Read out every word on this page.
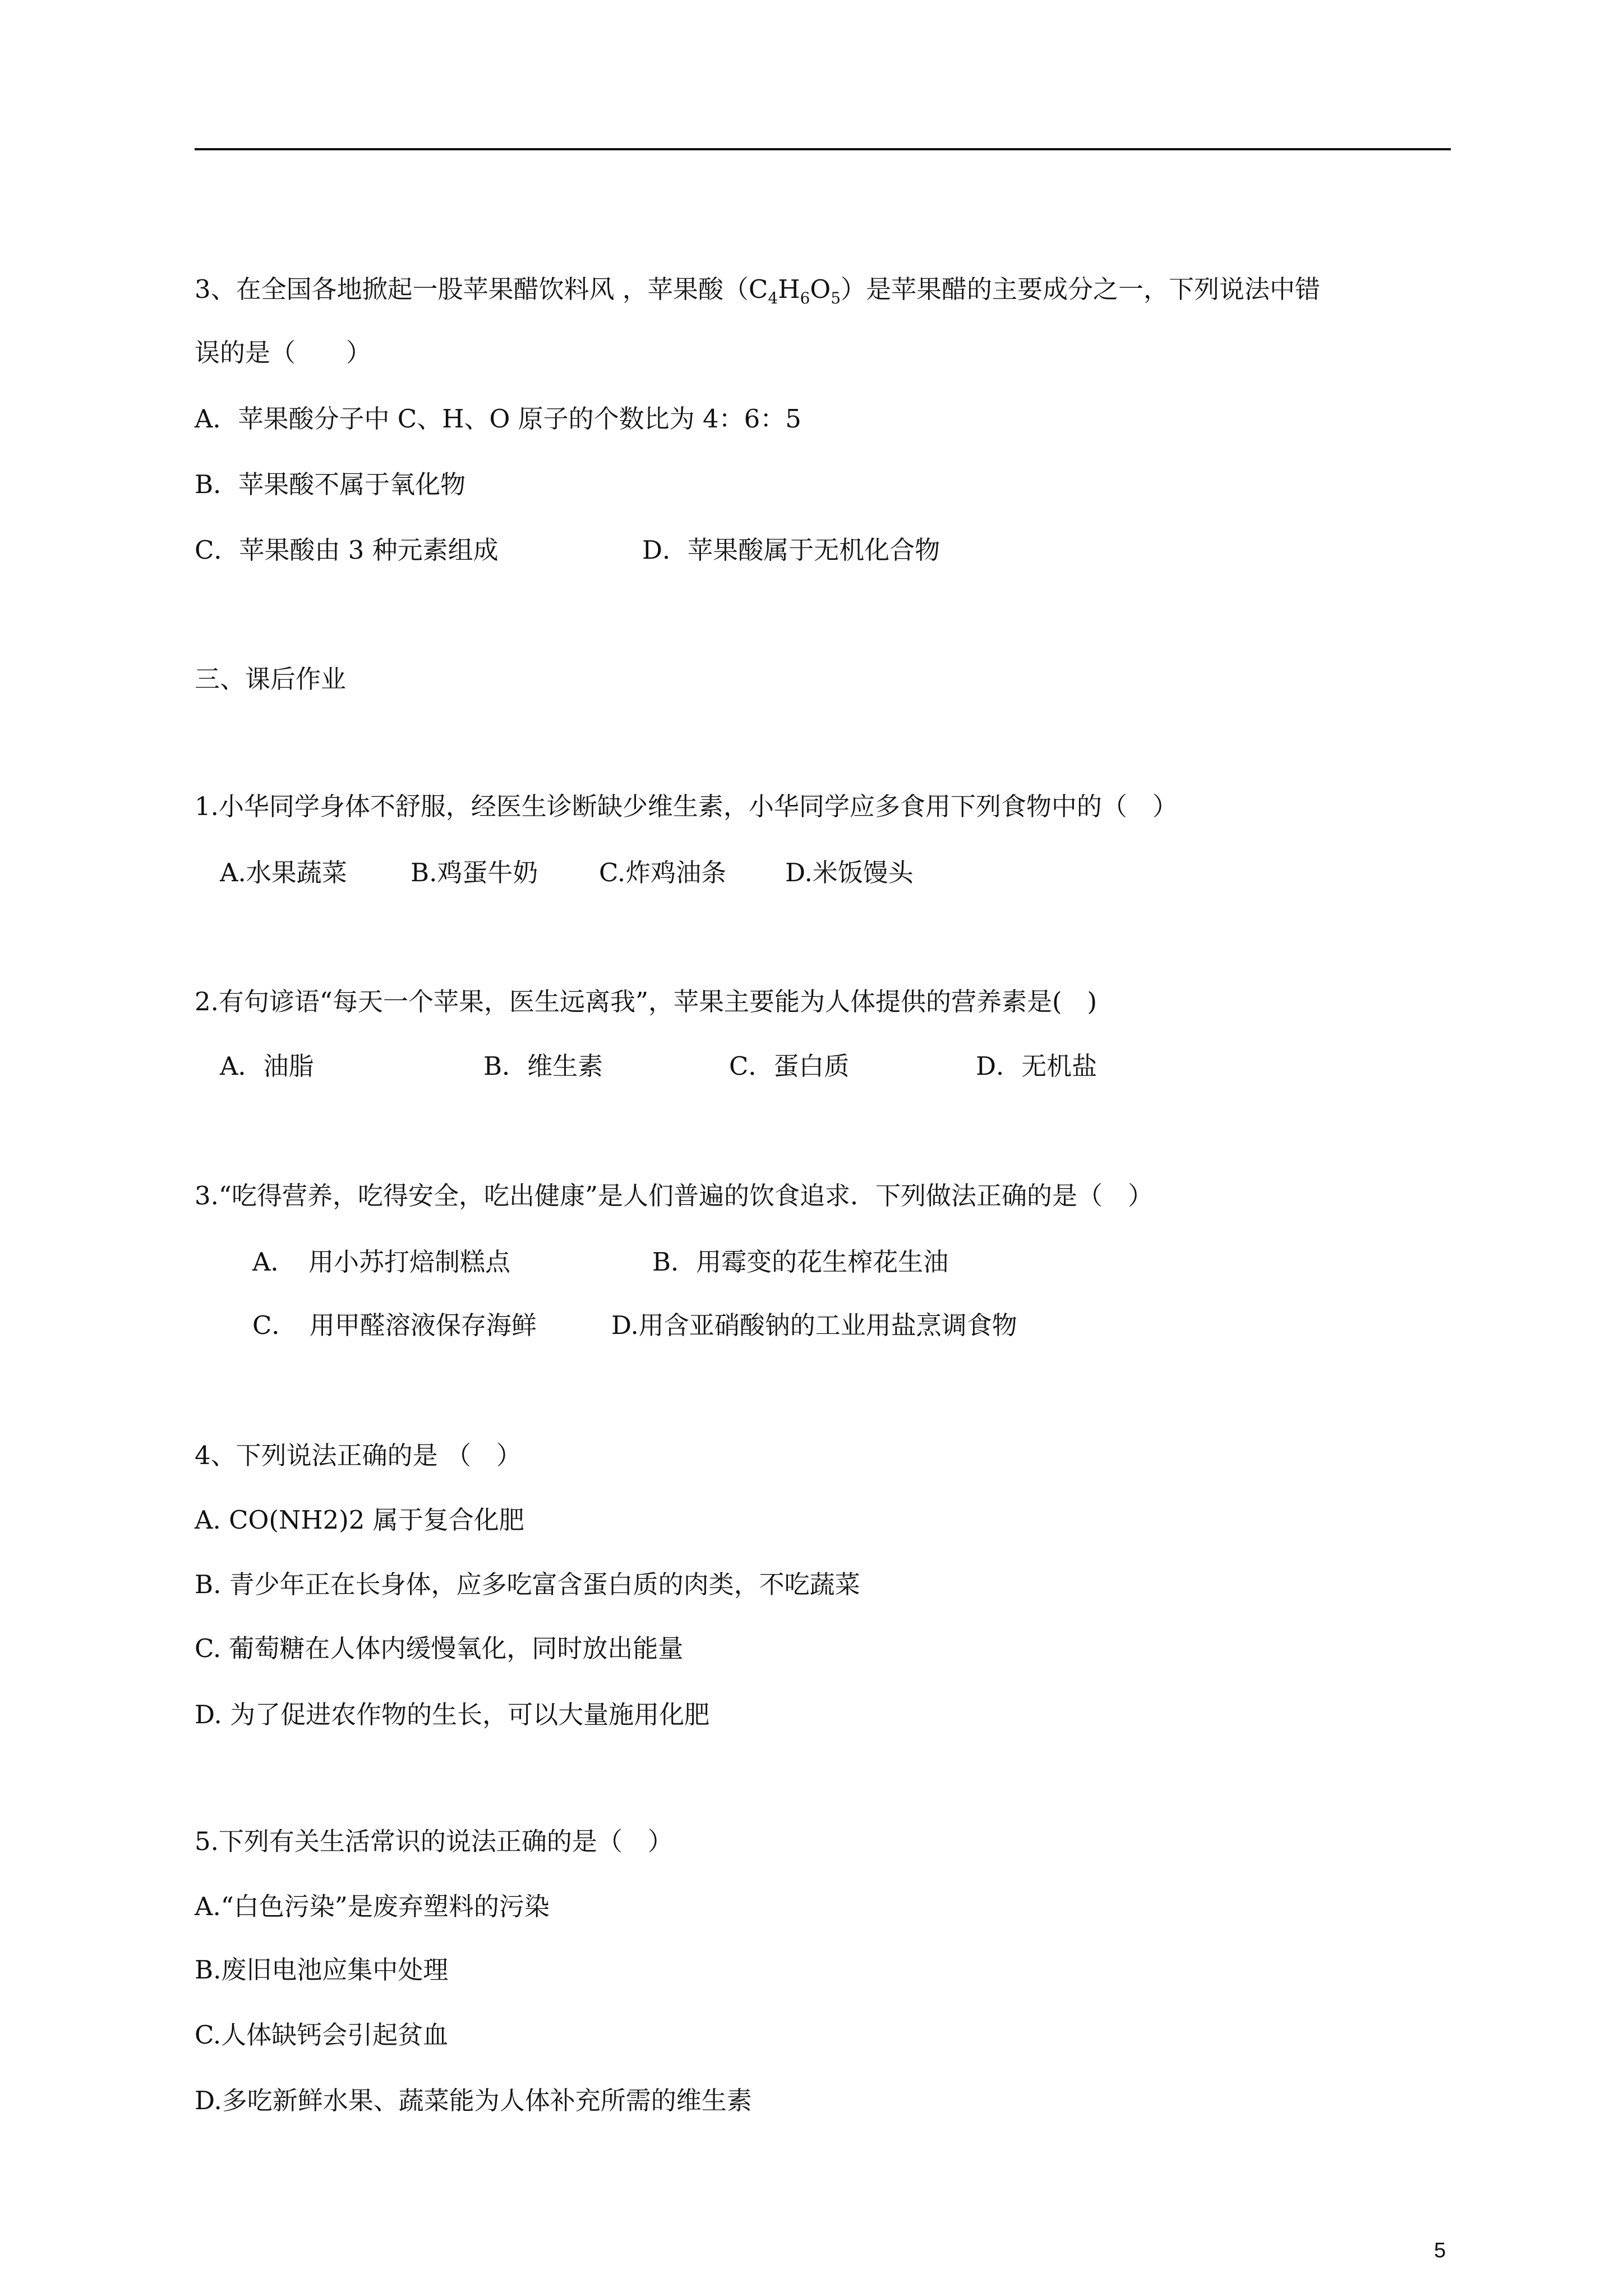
3、在全国各地掀起一股苹果醋饮料风 ，苹果酸$(C_4H_6O_5)$是苹果醋的主要成分之一，下列说法中错
误的是（　　）
A．苹果酸分子中 C、H、O 原子的个数比为 4：6：5
B．苹果酸不属于氧化物
C．苹果酸由 3 种元素组成	D．苹果酸属于无机化合物
三、课后作业
1.小华同学身体不舒服，经医生诊断缺少维生素，小华同学应多食用下列食物中的（　）
A.水果蔬菜	B.鸡蛋牛奶 C.炸鸡油条 D.米饭馒头
2.有句谚语“每天一个苹果，医生远离我”，苹果主要能为人体提供的营养素是(　)
A．油脂	B．维生素	C．蛋白质	D．无机盐
3.“吃得营养，吃得安全，吃出健康”是人们普遍的饮食追求．下列做法正确的是（　）
A．　用小苏打焙制糕点	B．用霉变的花生榨花生油
C．　用甲醛溶液保存海鲜	D.用含亚硝酸钠的工业用盐烹调食物
4、下列说法正确的是 （　）
A. CO(NH2)2 属于复合化肥
B. 青少年正在长身体，应多吃富含蛋白质的肉类，不吃蔬菜
C. 葡萄糖在人体内缓慢氧化，同时放出能量
D. 为了促进农作物的生长，可以大量施用化肥
5.下列有关生活常识的说法正确的是（　）
A.“白色污染”是废弃塑料的污染
B.废旧电池应集中处理
C.人体缺钙会引起贫血
D.多吃新鲜水果、蔬菜能为人体补充所需的维生素
5
